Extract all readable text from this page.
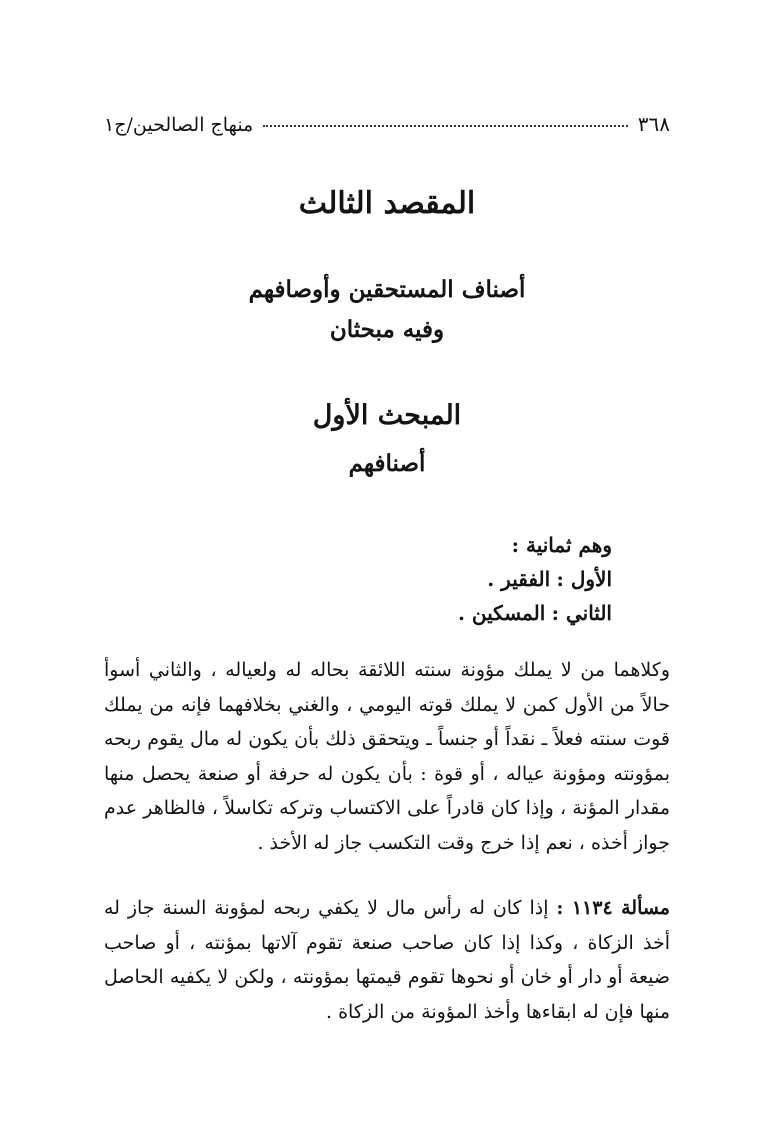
٣٦٨
منهاج الصالحين/ج١
المقصد الثالث
أصناف المستحقين وأوصافهم
وفيه مبحثان
المبحث الأول
أصنافهم
وهم ثمانية :
الأول : الفقير .
الثاني : المسكين .

وكلاهما من لا يملك مؤونة سنته اللائقة بحاله له ولعياله ، والثاني أسوأ حالاً من الأول كمن لا يملك قوته اليومي ، والغني بخلافهما فإنه من يملك قوت سنته فعلاً ـ نقداً أو جنساً ـ ويتحقق ذلك بأن يكون له مال يقوم ربحه بمؤونته ومؤونة عياله ، أو قوة : بأن يكون له حرفة أو صنعة يحصل منها مقدار المؤنة ، وإذا كان قادراً على الاكتساب وتركه تكاسلاً ، فالظاهر عدم جواز أخذه ، نعم إذا خرج وقت التكسب جاز له الأخذ .

مسألة ١١٣٤ : إذا كان له رأس مال لا يكفي ربحه لمؤونة السنة جاز له أخذ الزكاة ، وكذا إذا كان صاحب صنعة تقوم آلاتها بمؤنته ، أو صاحب ضيعة أو دار أو خان أو نحوها تقوم قيمتها بمؤونته ، ولكن لا يكفيه الحاصل منها فإن له ابقاءها وأخذ المؤونة من الزكاة .
